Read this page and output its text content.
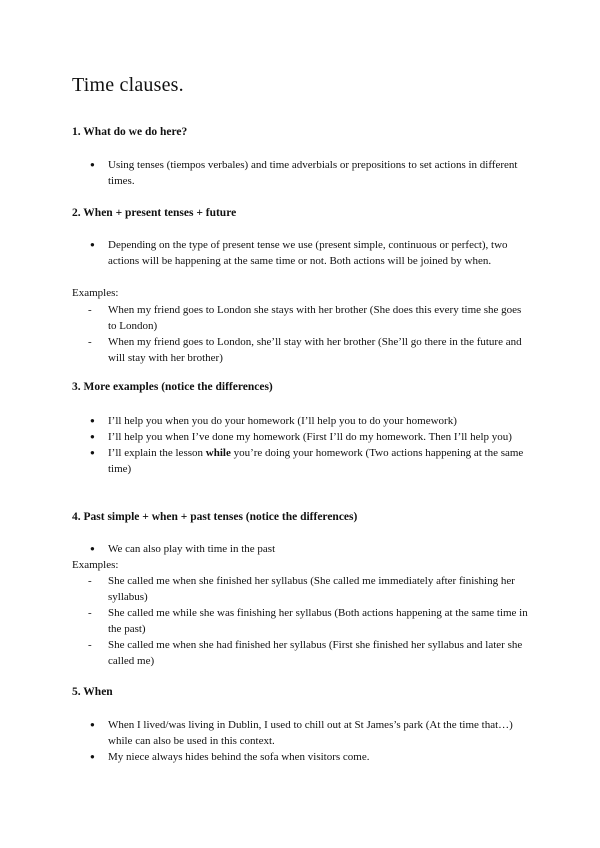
Time clauses.
1. What do we do here?
● Using tenses (tiempos verbales) and time adverbials or prepositions to set actions in different times.
2. When + present tenses + future
● Depending on the type of present tense we use (present simple, continuous or perfect), two actions will be happening at the same time or not. Both actions will be joined by when.
Examples:
- When my friend goes to London she stays with her brother (She does this every time she goes to London)
- When my friend goes to London, she’ll stay with her brother (She’ll go there in the future and will stay with her brother)
3. More examples (notice the differences)
● I’ll help you when you do your homework (I’ll help you to do your homework)
● I’ll help you when I’ve done my homework (First I’ll do my homework. Then I’ll help you)
● I’ll explain the lesson while you’re doing your homework (Two actions happening at the same time)
4. Past simple + when + past tenses (notice the differences)
● We can also play with time in the past
Examples:
- She called me when she finished her syllabus (She called me immediately after finishing her syllabus)
- She called me while she was finishing her syllabus (Both actions happening at the same time in the past)
- She called me when she had finished her syllabus (First she finished her syllabus and later she called me)
5. When
● When I lived/was living in Dublin, I used to chill out at St James’s park (At the time that…) while can also be used in this context.
● My niece always hides behind the sofa when visitors come.
